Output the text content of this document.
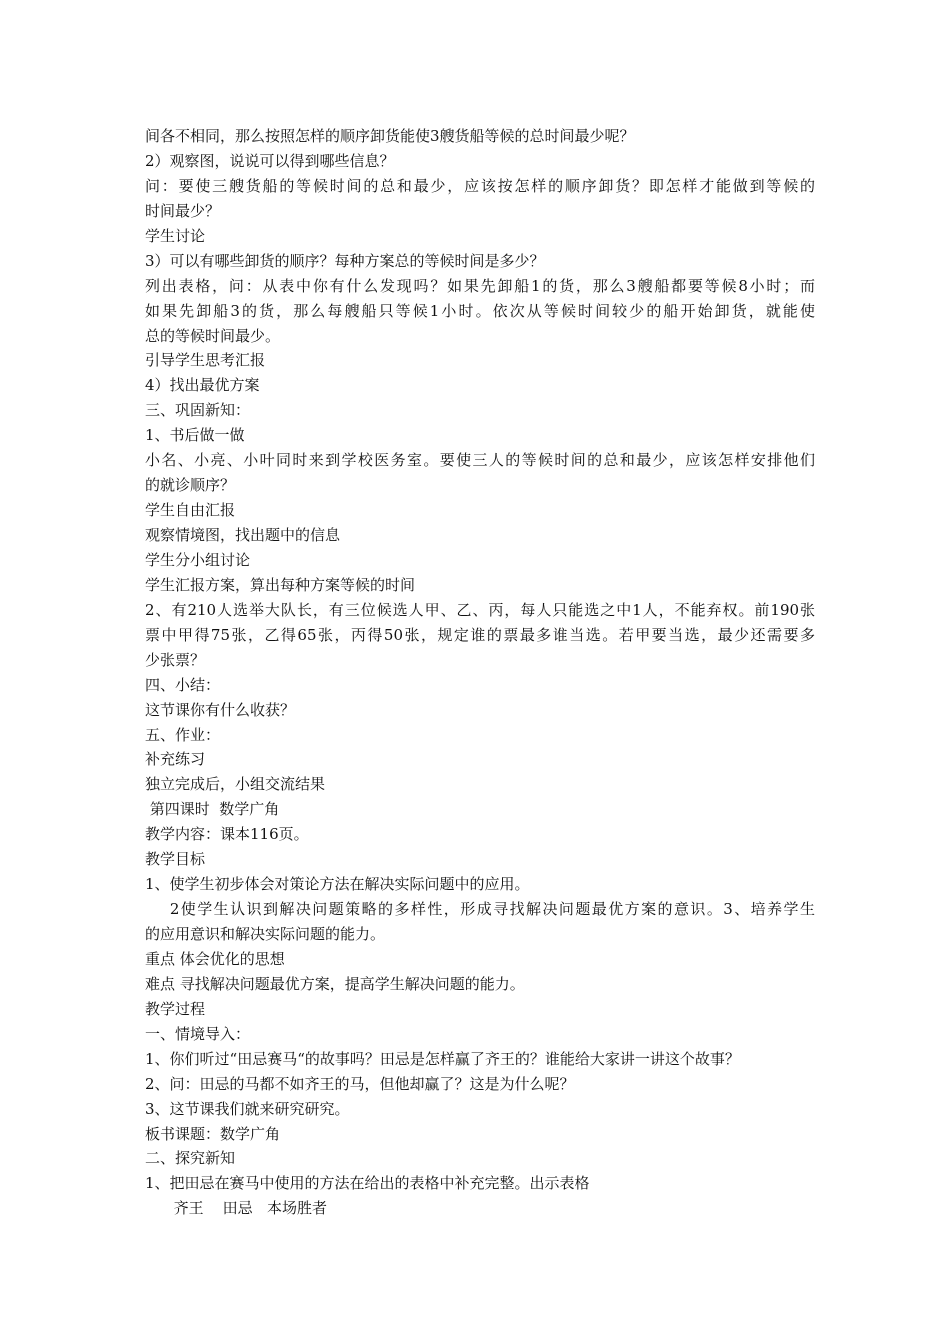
间各不相同，那么按照怎样的顺序卸货能使3艘货船等候的总时间最少呢？
2）观察图，说说可以得到哪些信息？
问：要使三艘货船的等候时间的总和最少，应该按怎样的顺序卸货？即怎样才能做到等候的
时间最少？
学生讨论
3）可以有哪些卸货的顺序？每种方案总的等候时间是多少？
列出表格，问：从表中你有什么发现吗？如果先卸船1的货，那么3艘船都要等候8小时；而
如果先卸船3的货，那么每艘船只等候1小时。依次从等候时间较少的船开始卸货，就能使
总的等候时间最少。
引导学生思考汇报
4）找出最优方案
三、巩固新知：
1、书后做一做
小名、小亮、小叶同时来到学校医务室。要使三人的等候时间的总和最少，应该怎样安排他们
的就诊顺序？
学生自由汇报
观察情境图，找出题中的信息
学生分小组讨论
学生汇报方案，算出每种方案等候的时间
2、有210人选举大队长，有三位候选人甲、乙、丙，每人只能选之中1人，不能弃权。前190张
票中甲得75张，乙得65张，丙得50张，规定谁的票最多谁当选。若甲要当选，最少还需要多
少张票？
四、小结：
这节课你有什么收获？
五、作业：
补充练习
独立完成后，小组交流结果
第四课时  数学广角
教学内容：课本116页。
教学目标
1、使学生初步体会对策论方法在解决实际问题中的应用。
2使学生认识到解决问题策略的多样性，形成寻找解决问题最优方案的意识。3、培养学生
的应用意识和解决实际问题的能力。
重点 体会优化的思想
难点 寻找解决问题最优方案，提高学生解决问题的能力。
教学过程
一、情境导入：
1、你们听过“田忌赛马“的故事吗？田忌是怎样赢了齐王的？谁能给大家讲一讲这个故事？
2、问：田忌的马都不如齐王的马，但他却赢了？这是为什么呢？
3、这节课我们就来研究研究。
板书课题：数学广角
二、探究新知
1、把田忌在赛马中使用的方法在给出的表格中补充完整。出示表格
齐王    田忌   本场胜者
